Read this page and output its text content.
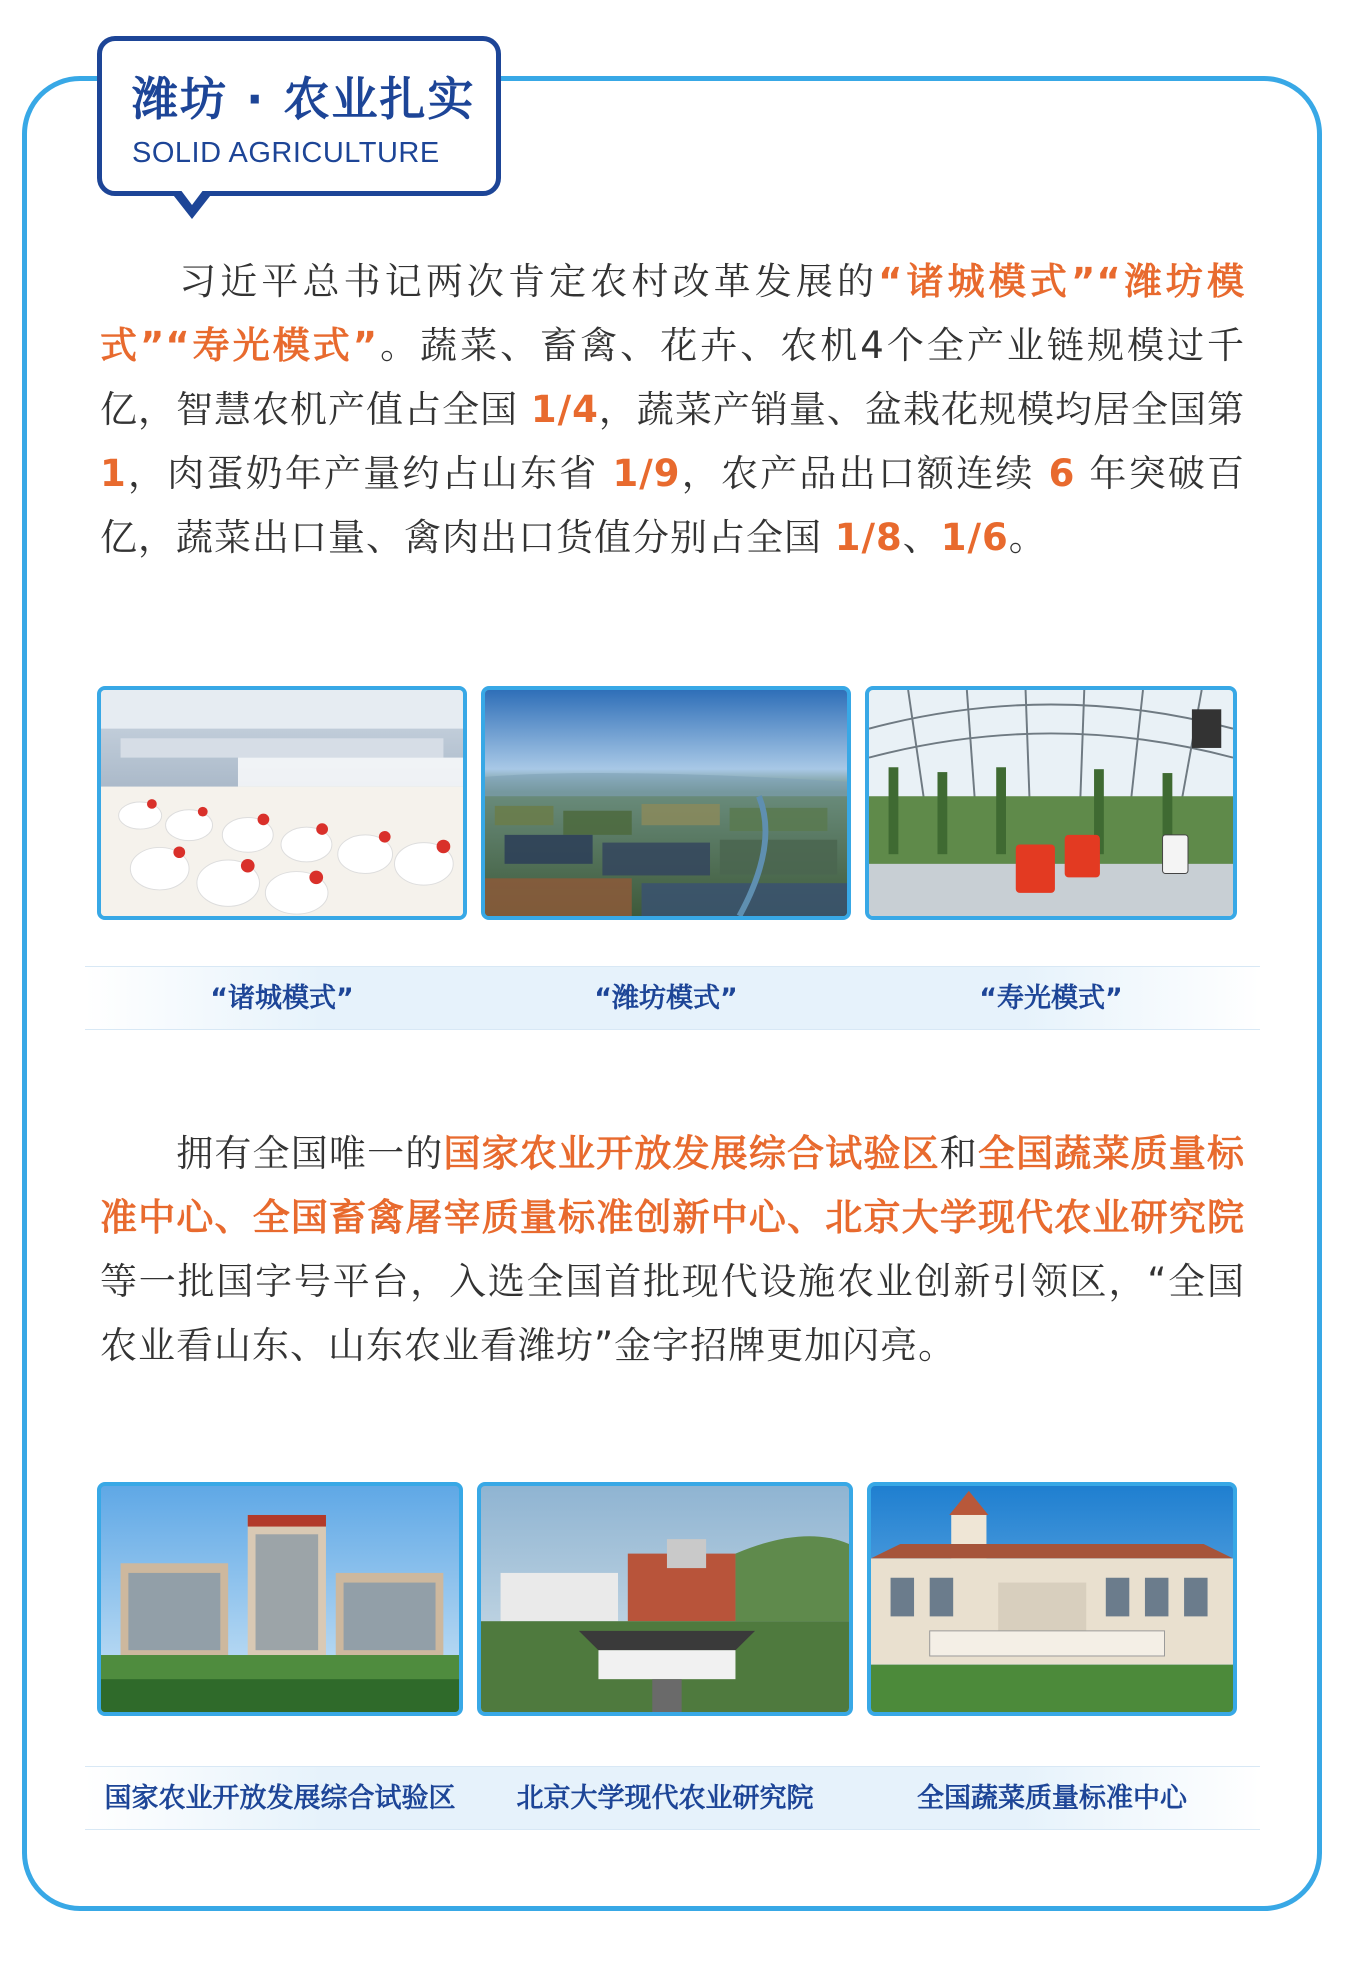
潍坊 · 农业扎实
SOLID AGRICULTURE

  习近平总书记两次肯定农村改革发展的“诸城模式”“潍坊模式”“寿光模式”。蔬菜、畜禽、花卉、农机4个全产业链规模过千亿，智慧农机产值占全国 1/4，蔬菜产销量、盆栽花规模均居全国第 1，肉蛋奶年产量约占山东省 1/9，农产品出口额连续 6 年突破百亿，蔬菜出口量、禽肉出口货值分别占全国 1/8、1/6。

“诸城模式”	“潍坊模式”	“寿光模式”

  拥有全国唯一的国家农业开放发展综合试验区和全国蔬菜质量标准中心、全国畜禽屠宰质量标准创新中心、北京大学现代农业研究院等一批国字号平台，入选全国首批现代设施农业创新引领区，“全国农业看山东、山东农业看潍坊”金字招牌更加闪亮。

国家农业开放发展综合试验区	北京大学现代农业研究院	全国蔬菜质量标准中心
